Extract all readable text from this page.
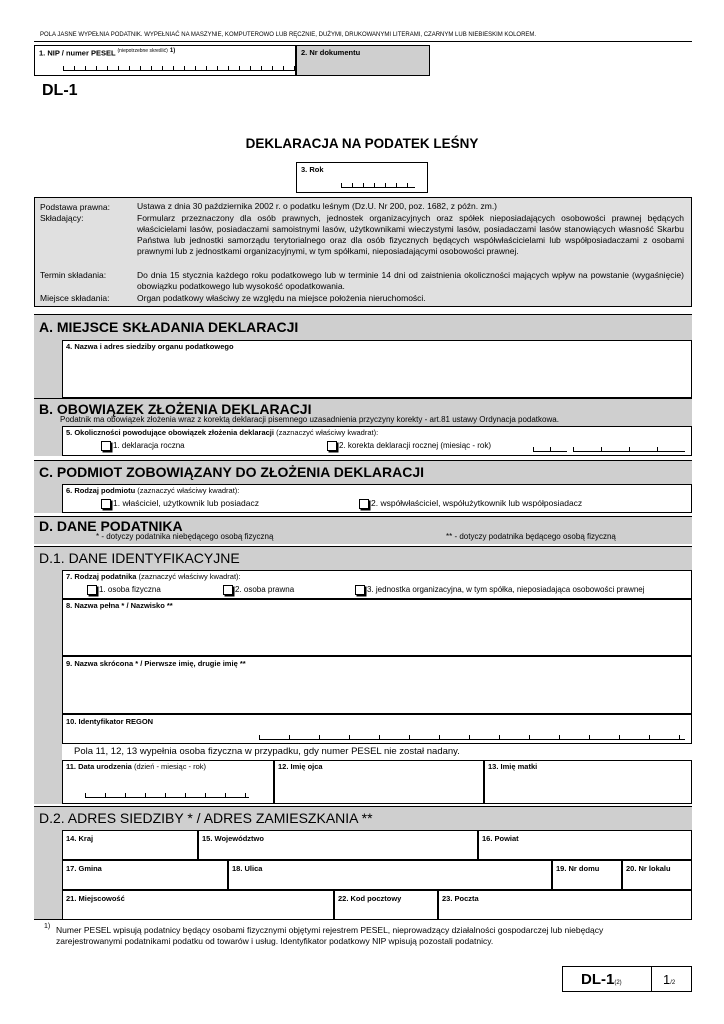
POLA JASNE WYPEŁNIA PODATNIK. WYPEŁNIAĆ NA MASZYNIE, KOMPUTEROWO LUB RĘCZNIE, DUŻYMI, DRUKOWANYMI LITERAMI, CZARNYM LUB NIEBIESKIM KOLOREM.
1. NIP / numer PESEL $^{(niepotrzebne skreślić)}$ $^{1)}$	2. Nr dokumentu
DL-1
DEKLARACJA NA PODATEK LEŚNY
3. Rok
Podstawa prawna:	Ustawa z dnia 30 października 2002 r. o podatku leśnym (Dz.U. Nr 200, poz. 1682, z późn. zm.)
Składający:	Formularz przeznaczony dla osób prawnych, jednostek organizacyjnych oraz spółek nieposiadających osobowości prawnej będących właścicielami lasów, posiadaczami samoistnymi lasów, użytkownikami wieczystymi lasów, posiadaczami lasów stanowiących własność Skarbu Państwa lub jednostki samorządu terytorialnego oraz dla osób fizycznych będących współwłaścicielami lub współposiadaczami z osobami prawnymi lub z jednostkami organizacyjnymi, w tym spółkami, nieposiadającymi osobowości prawnej.
Termin składania:	Do dnia 15 stycznia każdego roku podatkowego lub w terminie 14 dni od zaistnienia okoliczności mających wpływ na powstanie (wygaśnięcie) obowiązku podatkowego lub wysokość opodatkowania.
Miejsce składania:	Organ podatkowy właściwy ze względu na miejsce położenia nieruchomości.
A. MIEJSCE SKŁADANIA DEKLARACJI
4. Nazwa i adres siedziby organu podatkowego
B. OBOWIĄZEK ZŁOŻENIA DEKLARACJI
Podatnik ma obowiązek złożenia wraz z korektą deklaracji pisemnego uzasadnienia przyczyny korekty - art.81 ustawy Ordynacja podatkowa.
5. Okoliczności powodujące obowiązek złożenia deklaracji (zaznaczyć właściwy kwadrat):
1. deklaracja roczna	2. korekta deklaracji rocznej (miesiąc - rok)
C. PODMIOT ZOBOWIĄZANY DO ZŁOŻENIA DEKLARACJI
6. Rodzaj podmiotu (zaznaczyć właściwy kwadrat):
1. właściciel, użytkownik lub posiadacz	2. współwłaściciel, współużytkownik lub współposiadacz
D. DANE PODATNIKA
* - dotyczy podatnika niebędącego osobą fizyczną	** - dotyczy podatnika będącego osobą fizyczną
D.1. DANE IDENTYFIKACYJNE
7. Rodzaj podatnika (zaznaczyć właściwy kwadrat):
1. osoba fizyczna	2. osoba prawna	3. jednostka organizacyjna, w tym spółka, nieposiadająca osobowości prawnej
8. Nazwa pełna * / Nazwisko **
9. Nazwa skrócona * / Pierwsze imię, drugie imię **
10. Identyfikator REGON
Pola 11, 12, 13 wypełnia osoba fizyczna w przypadku, gdy numer PESEL nie został nadany.
11. Data urodzenia (dzień - miesiąc - rok)	12. Imię ojca	13. Imię matki
D.2. ADRES SIEDZIBY * / ADRES ZAMIESZKANIA **
14. Kraj	15. Województwo	16. Powiat
17. Gmina	18. Ulica	19. Nr domu	20. Nr lokalu
21. Miejscowość	22. Kod pocztowy	23. Poczta
1) Numer PESEL wpisują podatnicy będący osobami fizycznymi objętymi rejestrem PESEL, nieprowadzący działalności gospodarczej lub niebędący zarejestrowanymi podatnikami podatku od towarów i usług. Identyfikator podatkowy NIP wpisują pozostali podatnicy.
DL-1(2)	1/2
